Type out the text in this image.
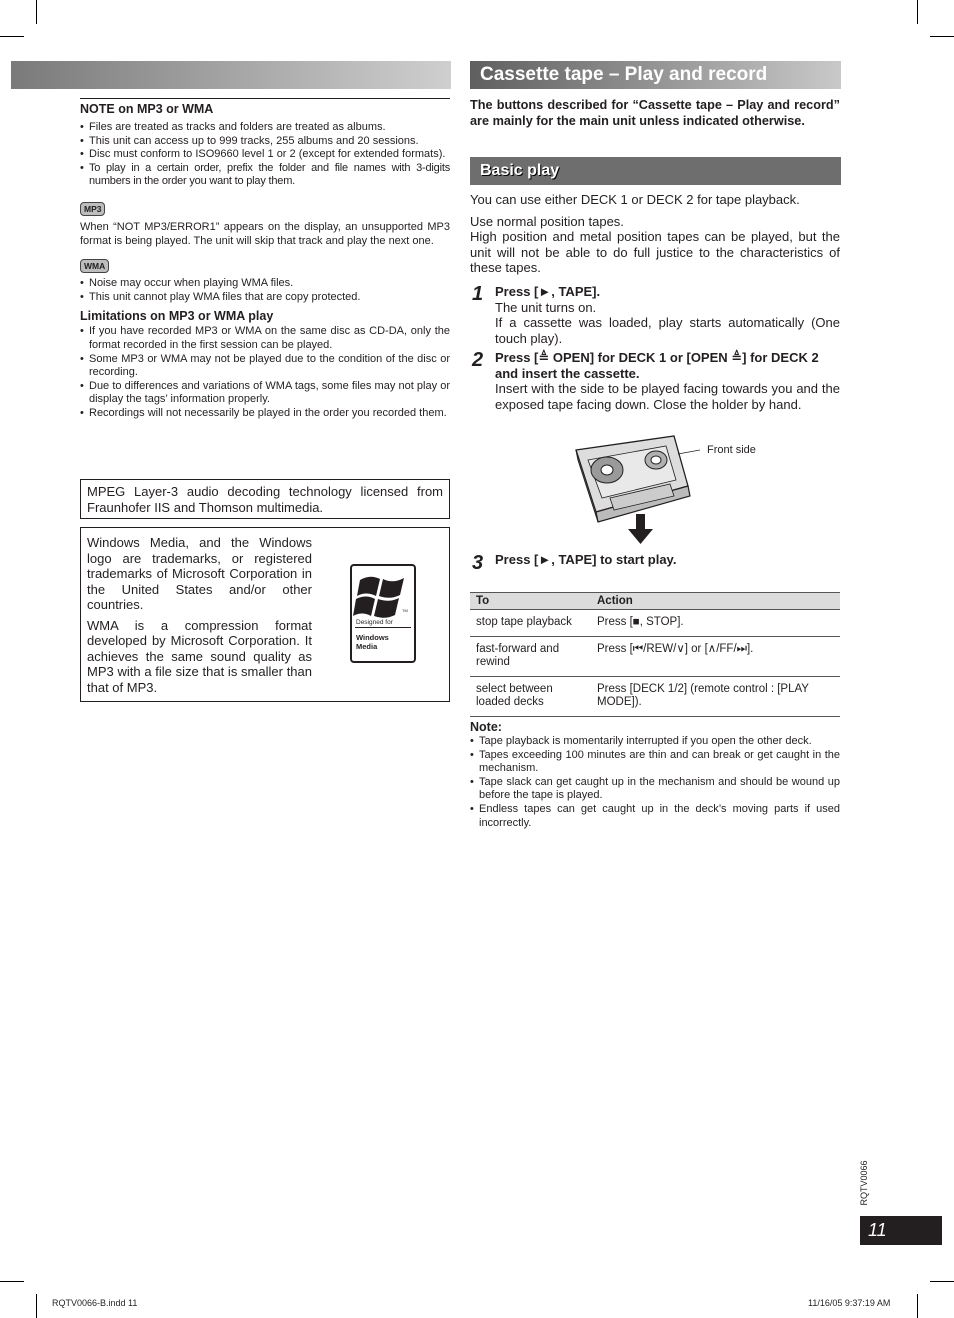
NOTE on MP3 or WMA
• Files are treated as tracks and folders are treated as albums.
• This unit can access up to 999 tracks, 255 albums and 20 sessions.
• Disc must conform to ISO9660 level 1 or 2 (except for extended formats).
• To play in a certain order, prefix the folder and file names with 3-digits numbers in the order you want to play them.
MP3
When “NOT MP3/ERROR1” appears on the display, an unsupported MP3 format is being played. The unit will skip that track and play the next one.
WMA
• Noise may occur when playing WMA files.
• This unit cannot play WMA files that are copy protected.
Limitations on MP3 or WMA play
• If you have recorded MP3 or WMA on the same disc as CD-DA, only the format recorded in the first session can be played.
• Some MP3 or WMA may not be played due to the condition of the disc or recording.
• Due to differences and variations of WMA tags, some files may not play or display the tags’ information properly.
• Recordings will not necessarily be played in the order you recorded them.
MPEG Layer-3 audio decoding technology licensed from Fraunhofer IIS and Thomson multimedia.
Windows Media, and the Windows logo are trademarks, or registered trademarks of Microsoft Corporation in the United States and/or other countries.
WMA is a compression format developed by Microsoft Corporation. It achieves the same sound quality as MP3 with a file size that is smaller than that of MP3.
TM
Designed for
Windows
Media
Cassette tape – Play and record
The buttons described for “Cassette tape – Play and record” are mainly for the main unit unless indicated otherwise.
Basic play
You can use either DECK 1 or DECK 2 for tape playback.
Use normal position tapes.
High position and metal position tapes can be played, but the unit will not be able to do full justice to the characteristics of these tapes.
1 Press [►, TAPE].
The unit turns on.
If a cassette was loaded, play starts automatically (One touch play).
2 Press [≜ OPEN] for DECK 1 or [OPEN ≜] for DECK 2 and insert the cassette.
Insert with the side to be played facing towards you and the exposed tape facing down. Close the holder by hand.
Front side
3 Press [►, TAPE] to start play.
To	Action
stop tape playback	Press [■, STOP].
fast-forward and rewind	Press [⏮/REW/∨] or [∧/FF/⏭].
select between loaded decks	Press [DECK 1/2] (remote control : [PLAY MODE]).
Note:
• Tape playback is momentarily interrupted if you open the other deck.
• Tapes exceeding 100 minutes are thin and can break or get caught in the mechanism.
• Tape slack can get caught up in the mechanism and should be wound up before the tape is played.
• Endless tapes can get caught up in the deck’s moving parts if used incorrectly.
RQTV0066
11
RQTV0066-B.indd 11	11/16/05 9:37:19 AM
